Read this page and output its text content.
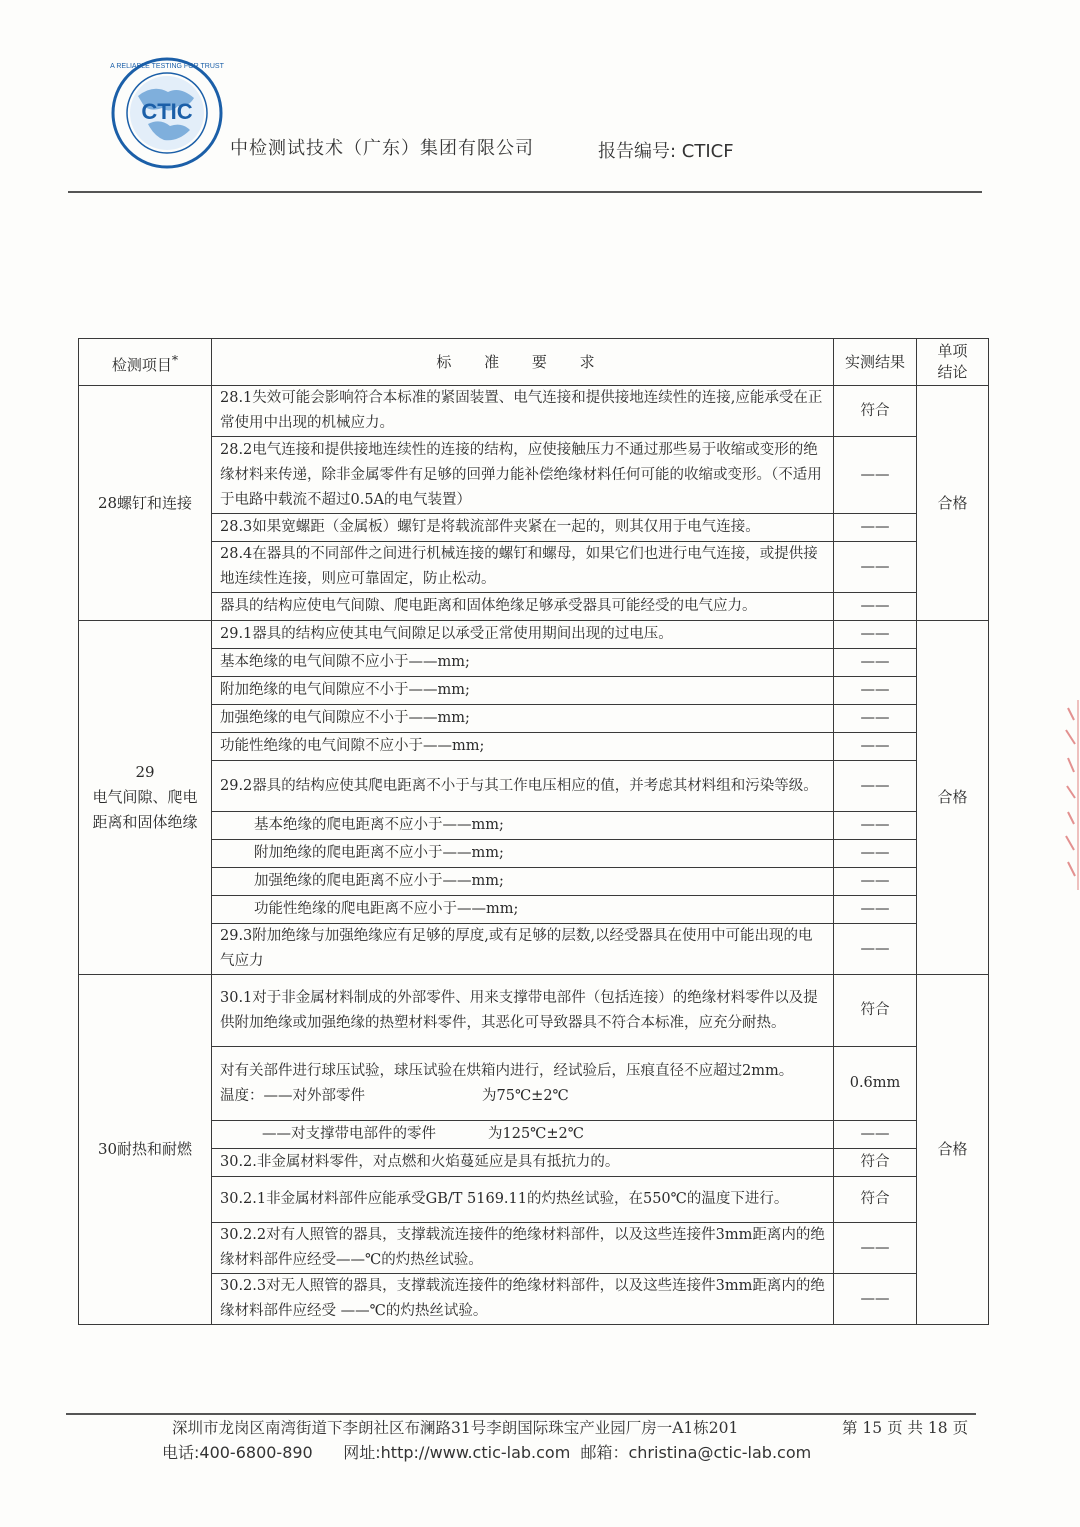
CTIC
A RELIABLE TESTING FOR TRUST
中检测试技术（广东）集团有限公司	报告编号: CTICF
检测项目*	标 准 要 求	实测结果	单项
结论
28螺钉和连接	28.1失效可能会影响符合本标准的紧固装置、电气连接和提供接地连续性的连接,应能承受在正常使用中出现的机械应力。	符合	合格
	28.2电气连接和提供接地连续性的连接的结构，应使接触压力不通过那些易于收缩或变形的绝缘材料来传递，除非金属零件有足够的回弹力能补偿绝缘材料任何可能的收缩或变形。（不适用于电路中载流不超过0.5A的电气装置）	——	
	28.3如果宽螺距（金属板）螺钉是将载流部件夹紧在一起的，则其仅用于电气连接。	——	
	28.4在器具的不同部件之间进行机械连接的螺钉和螺母，如果它们也进行电气连接，或提供接地连续性连接，则应可靠固定，防止松动。	——	
	器具的结构应使电气间隙、爬电距离和固体绝缘足够承受器具可能经受的电气应力。	——	
29
电气间隙、爬电
距离和固体绝缘	29.1器具的结构应使其电气间隙足以承受正常使用期间出现的过电压。	——	合格
	基本绝缘的电气间隙不应小于——mm;	——	
	附加绝缘的电气间隙应不小于——mm;	——	
	加强绝缘的电气间隙应不小于——mm;	——	
	功能性绝缘的电气间隙不应小于——mm;	——	
	29.2器具的结构应使其爬电距离不小于与其工作电压相应的值，并考虑其材料组和污染等级。	——	
	基本绝缘的爬电距离不应小于——mm;	——	
	附加绝缘的爬电距离不应小于——mm;	——	
	加强绝缘的爬电距离不应小于——mm;	——	
	功能性绝缘的爬电距离不应小于——mm;	——	
	29.3附加绝缘与加强绝缘应有足够的厚度,或有足够的层数,以经受器具在使用中可能出现的电气应力	——	
30耐热和耐燃	30.1对于非金属材料制成的外部零件、用来支撑带电部件（包括连接）的绝缘材料零件以及提供附加绝缘或加强绝缘的热塑材料零件，其恶化可导致器具不符合本标准，应充分耐热。	符合	合格
	对有关部件进行球压试验，球压试验在烘箱内进行，经试验后，压痕直径不应超过2mm。
温度：——对外部零件 为75℃±2℃	0.6mm	
	——对支撑带电部件的零件 为125℃±2℃	——	
	30.2.非金属材料零件，对点燃和火焰蔓延应是具有抵抗力的。	符合	
	30.2.1非金属材料部件应能承受GB/T 5169.11的灼热丝试验，在550℃的温度下进行。	符合	
	30.2.2对有人照管的器具，支撑载流连接件的绝缘材料部件，以及这些连接件3mm距离内的绝缘材料部件应经受——℃的灼热丝试验。	——	
	30.2.3对无人照管的器具，支撑载流连接件的绝缘材料部件，以及这些连接件3mm距离内的绝缘材料部件应经受 ——℃的灼热丝试验。	——	
深圳市龙岗区南湾街道下李朗社区布澜路31号李朗国际珠宝产业园厂房一A1栋201	第 15 页 共 18 页
电话:400-6800-890 网址:http://www.ctic-lab.com 邮箱：christina@ctic-lab.com
